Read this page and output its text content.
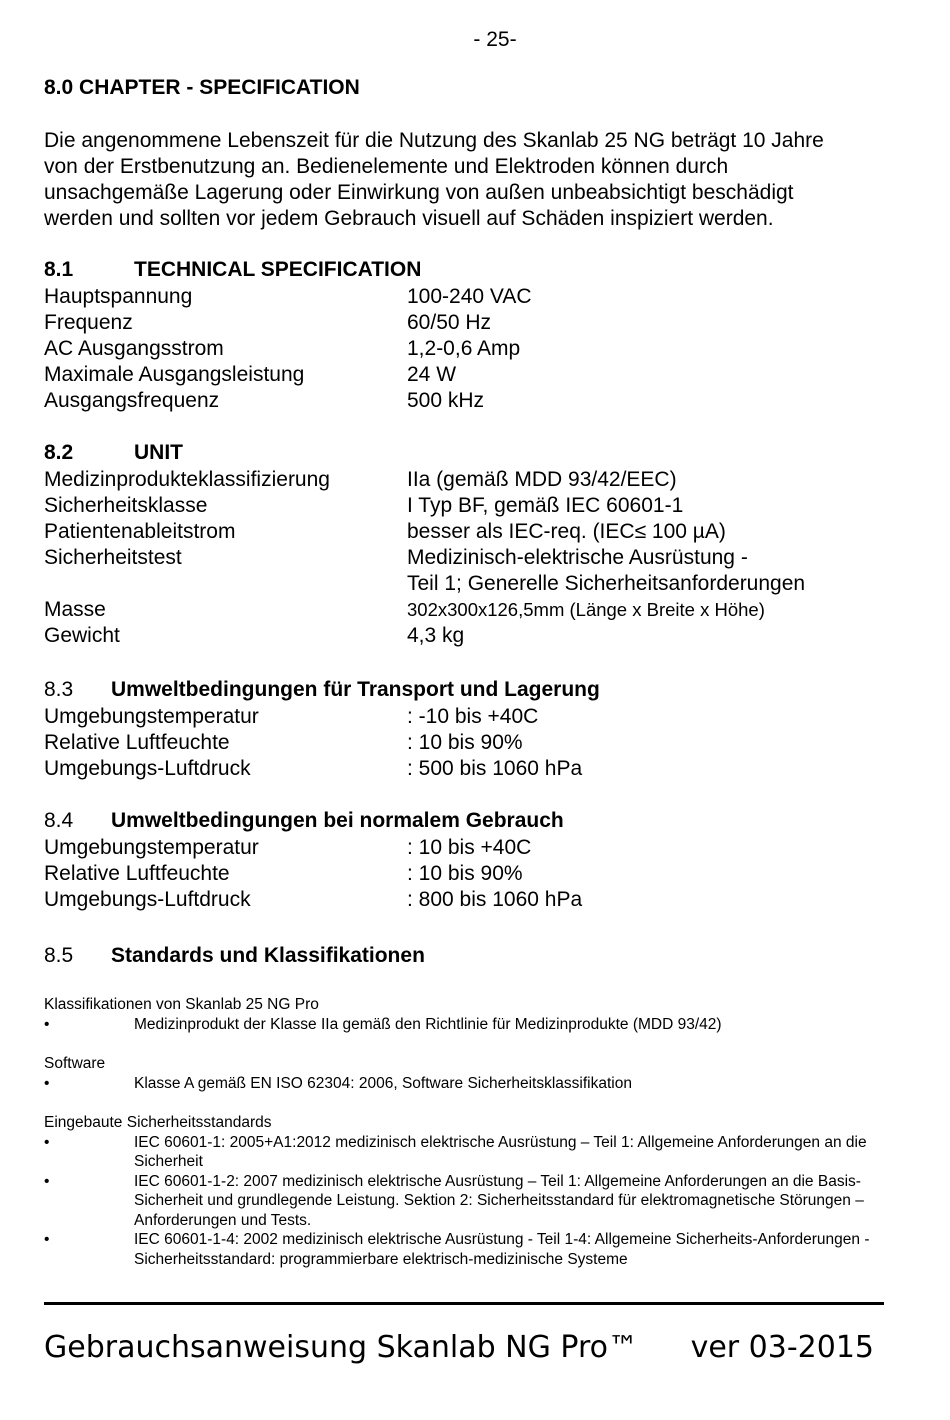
- 25-
8.0 CHAPTER - SPECIFICATION
Die angenommene Lebenszeit für die Nutzung des Skanlab 25 NG beträgt 10 Jahre
von der Erstbenutzung an. Bedienelemente und Elektroden können durch
unsachgemäße Lagerung oder Einwirkung von außen unbeabsichtigt beschädigt
werden und sollten vor jedem Gebrauch visuell auf Schäden inspiziert werden.
8.1	TECHNICAL SPECIFICATION
Hauptspannung	100-240 VAC
Frequenz	60/50 Hz
AC Ausgangsstrom	1,2-0,6 Amp
Maximale Ausgangsleistung	24 W
Ausgangsfrequenz	500 kHz
8.2	UNIT
Medizinprodukteklassifizierung	IIa (gemäß MDD 93/42/EEC)
Sicherheitsklasse	I Typ BF, gemäß IEC 60601-1
Patientenableitstrom	besser als IEC-req. (IEC≤ 100 µA)
Sicherheitstest	Medizinisch-elektrische Ausrüstung -
Teil 1; Generelle Sicherheitsanforderungen
Masse	302x300x126,5mm (Länge x Breite x Höhe)
Gewicht	4,3 kg
8.3 Umweltbedingungen für Transport und Lagerung
Umgebungstemperatur	: -10 bis +40C
Relative Luftfeuchte	: 10 bis 90%
Umgebungs-Luftdruck	: 500 bis 1060 hPa
8.4 Umweltbedingungen bei normalem Gebrauch
Umgebungstemperatur	: 10 bis +40C
Relative Luftfeuchte	: 10 bis 90%
Umgebungs-Luftdruck	: 800 bis 1060 hPa
8.5 Standards und Klassifikationen
Klassifikationen von Skanlab 25 NG Pro
•	Medizinprodukt der Klasse IIa gemäß den Richtlinie für Medizinprodukte (MDD 93/42)
Software
•	Klasse A gemäß EN ISO 62304: 2006, Software Sicherheitsklassifikation
Eingebaute Sicherheitsstandards
•	IEC 60601-1: 2005+A1:2012 medizinisch elektrische Ausrüstung – Teil 1: Allgemeine Anforderungen an die Sicherheit
•	IEC 60601-1-2: 2007 medizinisch elektrische Ausrüstung – Teil 1: Allgemeine Anforderungen an die Basis-Sicherheit und grundlegende Leistung. Sektion 2: Sicherheitsstandard für elektromagnetische Störungen – Anforderungen und Tests.
•	IEC 60601-1-4: 2002 medizinisch elektrische Ausrüstung - Teil 1-4: Allgemeine Sicherheits-Anforderungen - Sicherheitsstandard: programmierbare elektrisch-medizinische Systeme
Gebrauchsanweisung Skanlab NG Pro™ ver 03-2015
